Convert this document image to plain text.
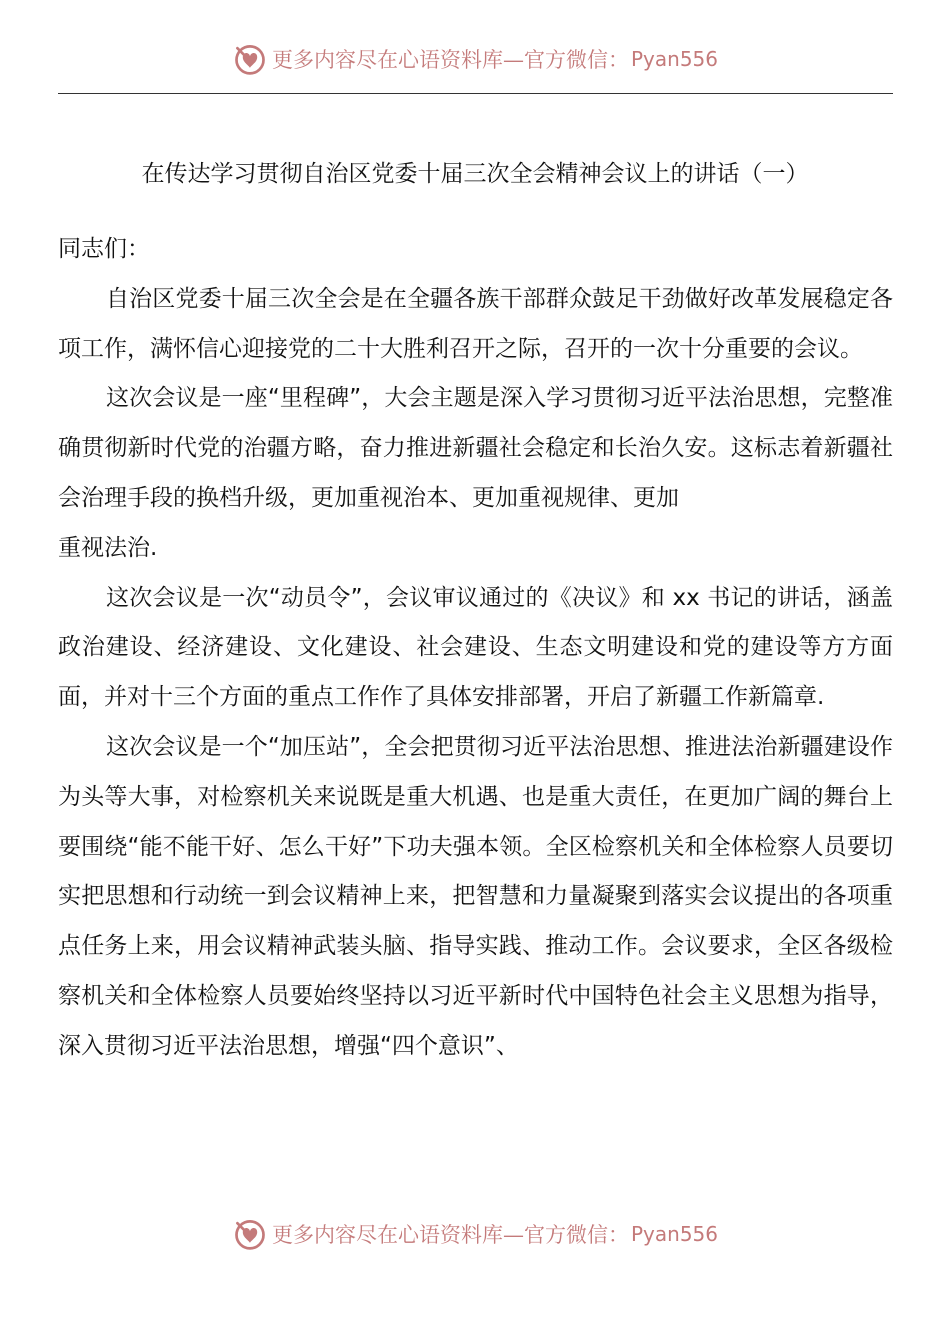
更多内容尽在心语资料库—官方微信： Pyan556
在传达学习贯彻自治区党委十届三次全会精神会议上的讲话（一）

同志们：

自治区党委十届三次全会是在全疆各族干部群众鼓足干劲做好改革发展稳定各项工作，满怀信心迎接党的二十大胜利召开之际，召开的一次十分重要的会议。

这次会议是一座“里程碑”，大会主题是深入学习贯彻习近平法治思想，完整准确贯彻新时代党的治疆方略，奋力推进新疆社会稳定和长治久安。这标志着新疆社会治理手段的换档升级，更加重视治本、更加重视规律、更加

重视法治.

这次会议是一次“动员令”，会议审议通过的《决议》和 xx 书记的讲话，涵盖政治建设、经济建设、文化建设、社会建设、生态文明建设和党的建设等方方面面，并对十三个方面的重点工作作了具体安排部署，开启了新疆工作新篇章.

这次会议是一个“加压站”，全会把贯彻习近平法治思想、推进法治新疆建设作为头等大事，对检察机关来说既是重大机遇、也是重大责任，在更加广阔的舞台上要围绕“能不能干好、怎么干好”下功夫强本领。全区检察机关和全体检察人员要切实把思想和行动统一到会议精神上来，把智慧和力量凝聚到落实会议提出的各项重点任务上来，用会议精神武装头脑、指导实践、推动工作。会议要求，全区各级检察机关和全体检察人员要始终坚持以习近平新时代中国特色社会主义思想为指导，深入贯彻习近平法治思想，增强“四个意识”、

更多内容尽在心语资料库—官方微信： Pyan556
